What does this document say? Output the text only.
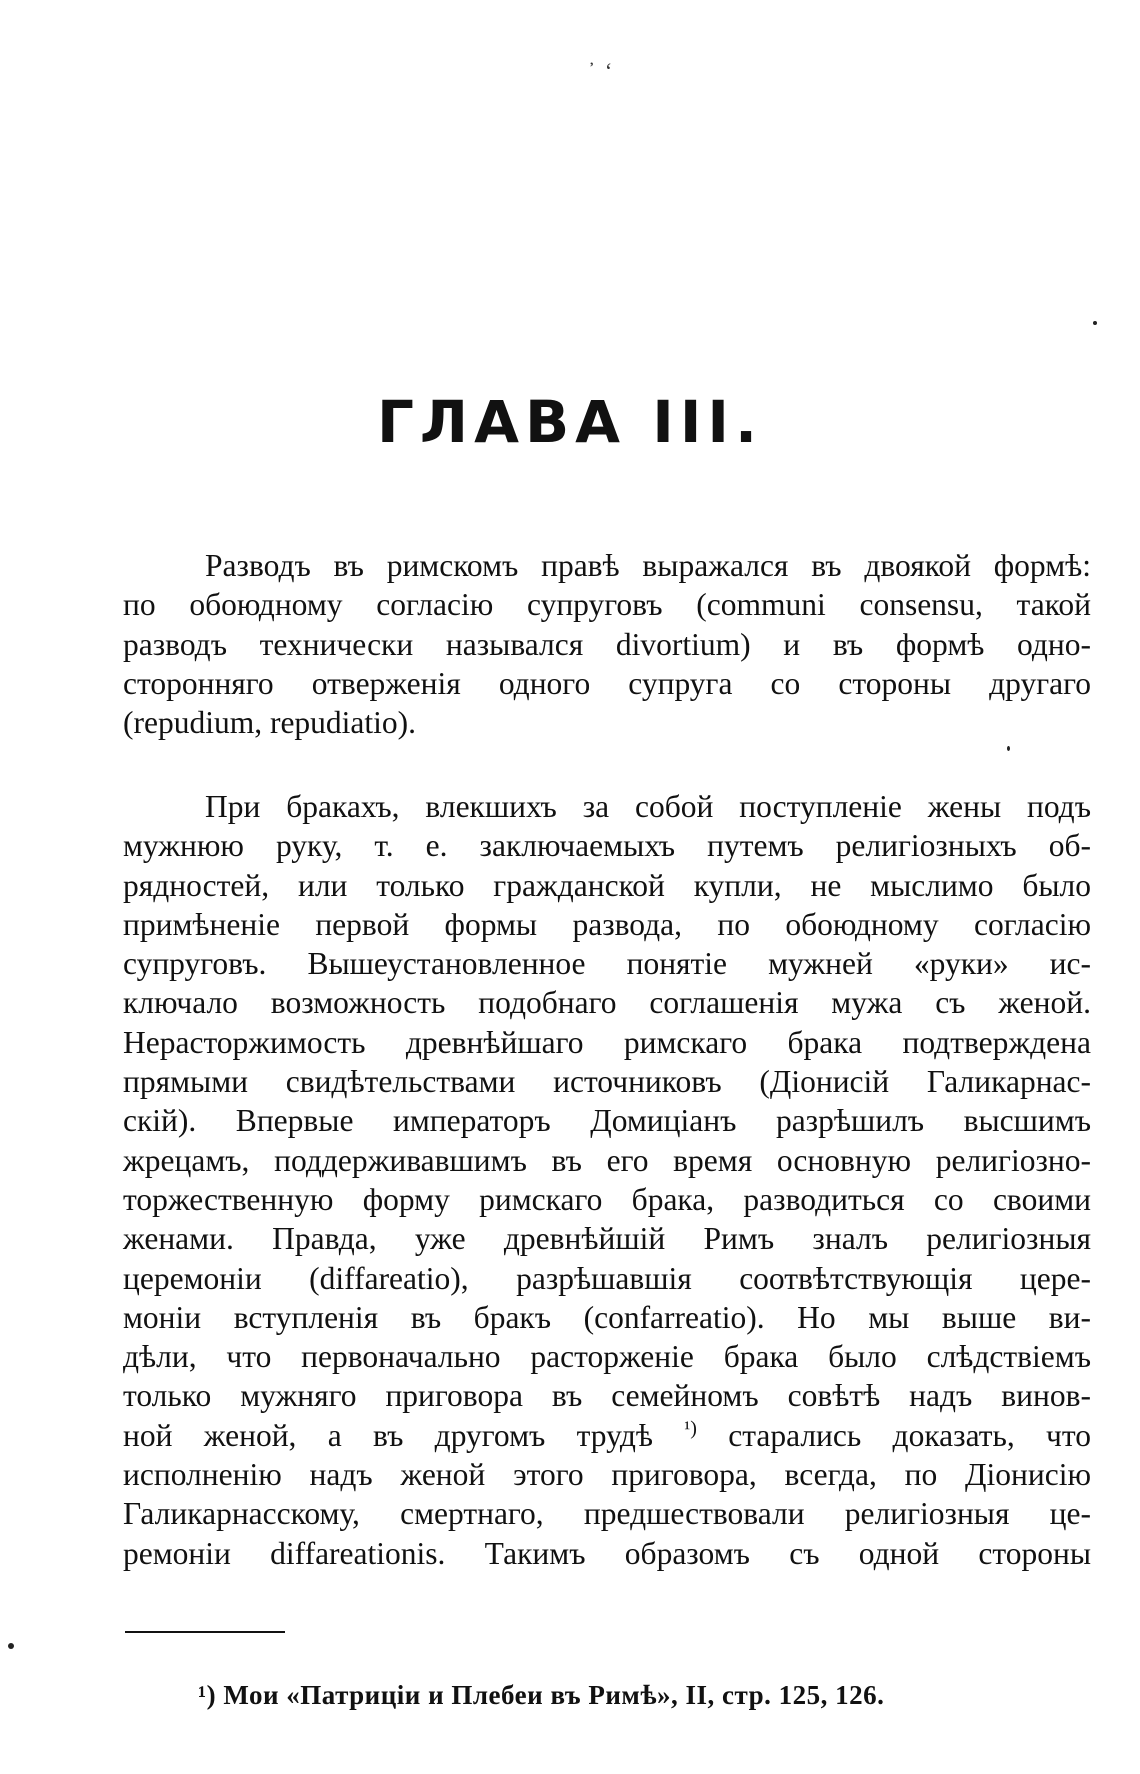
᾿ ‘
ГЛАВА III.
Разводъ въ римскомъ правѣ выражался въ двоякой формѣ:
по обоюдному согласiю супруговъ (communi consensu, такой
разводъ технически назывался divortium) и въ формѣ одно-
сторонняго отверженiя одного супруга со стороны другаго
(repudium, repudiatio).
При бракахъ, влекшихъ за собой поступленiе жены подъ
мужнюю руку, т. е. заключаемыхъ путемъ религiозныхъ об-
рядностей, или только гражданской купли, не мыслимо было
примѣненiе первой формы развода, по обоюдному согласiю
супруговъ. Вышеустановленное понятiе мужней «руки» ис-
ключало возможность подобнаго соглашенiя мужа съ женой.
Нерасторжимость древнѣйшаго римскаго брака подтверждена
прямыми свидѣтельствами источниковъ (Дiонисiй Галикарнас-
скiй). Впервые императоръ Домицiанъ разрѣшилъ высшимъ
жрецамъ, поддерживавшимъ въ его время основную религiозно-
торжественную форму римскаго брака, разводиться со своими
женами. Правда, уже древнѣйшiй Римъ зналъ религiозныя
церемонiи (diffareatio), разрѣшавшiя соотвѣтствующiя цере-
монiи вступленiя въ бракъ (confarreatio). Но мы выше ви-
дѣли, что первоначально расторженiе брака было слѣдствiемъ
только мужняго приговора въ семейномъ совѣтѣ надъ винов-
ной женой, а въ другомъ трудѣ $^{^1)}$ старались доказать, что
исполненiю надъ женой этого приговора, всегда, по Дiонисiю
Галикарнасскому, смертнаго, предшествовали религiозныя це-
ремонiи diffareationis. Такимъ образомъ съ одной стороны

¹) Мои «Патрицiи и Плебеи въ Римѣ», II, стр. 125, 126.
